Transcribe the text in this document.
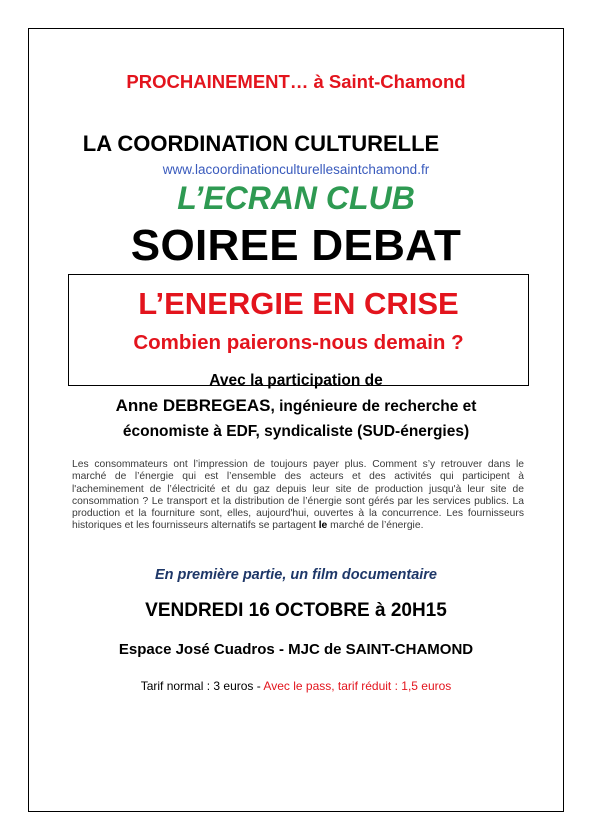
PROCHAINEMENT… à Saint-Chamond

LA COORDINATION CULTURELLE

www.lacoordinationculturellesaintchamond.fr

L’ECRAN CLUB

SOIREE DEBAT

L’ENERGIE EN CRISE

Combien paierons-nous demain ?

Avec la participation de

Anne DEBREGEAS, ingénieure de recherche et

économiste à EDF, syndicaliste (SUD-énergies)

Les consommateurs ont l’impression de toujours payer plus. Comment s’y retrouver dans le marché de l’énergie qui est l’ensemble des acteurs et des activités qui participent à l'acheminement de l’électricité et du gaz depuis leur site de production jusqu'à leur site de consommation ? Le transport et la distribution de l’énergie sont gérés par les services publics. La production et la fourniture sont, elles, aujourd'hui, ouvertes à la concurrence. Les fournisseurs historiques et les fournisseurs alternatifs se partagent le marché de l’énergie.

En première partie, un film documentaire

VENDREDI 16 OCTOBRE à 20H15

Espace José Cuadros - MJC de SAINT-CHAMOND

Tarif normal : 3 euros - Avec le pass, tarif réduit : 1,5 euros
